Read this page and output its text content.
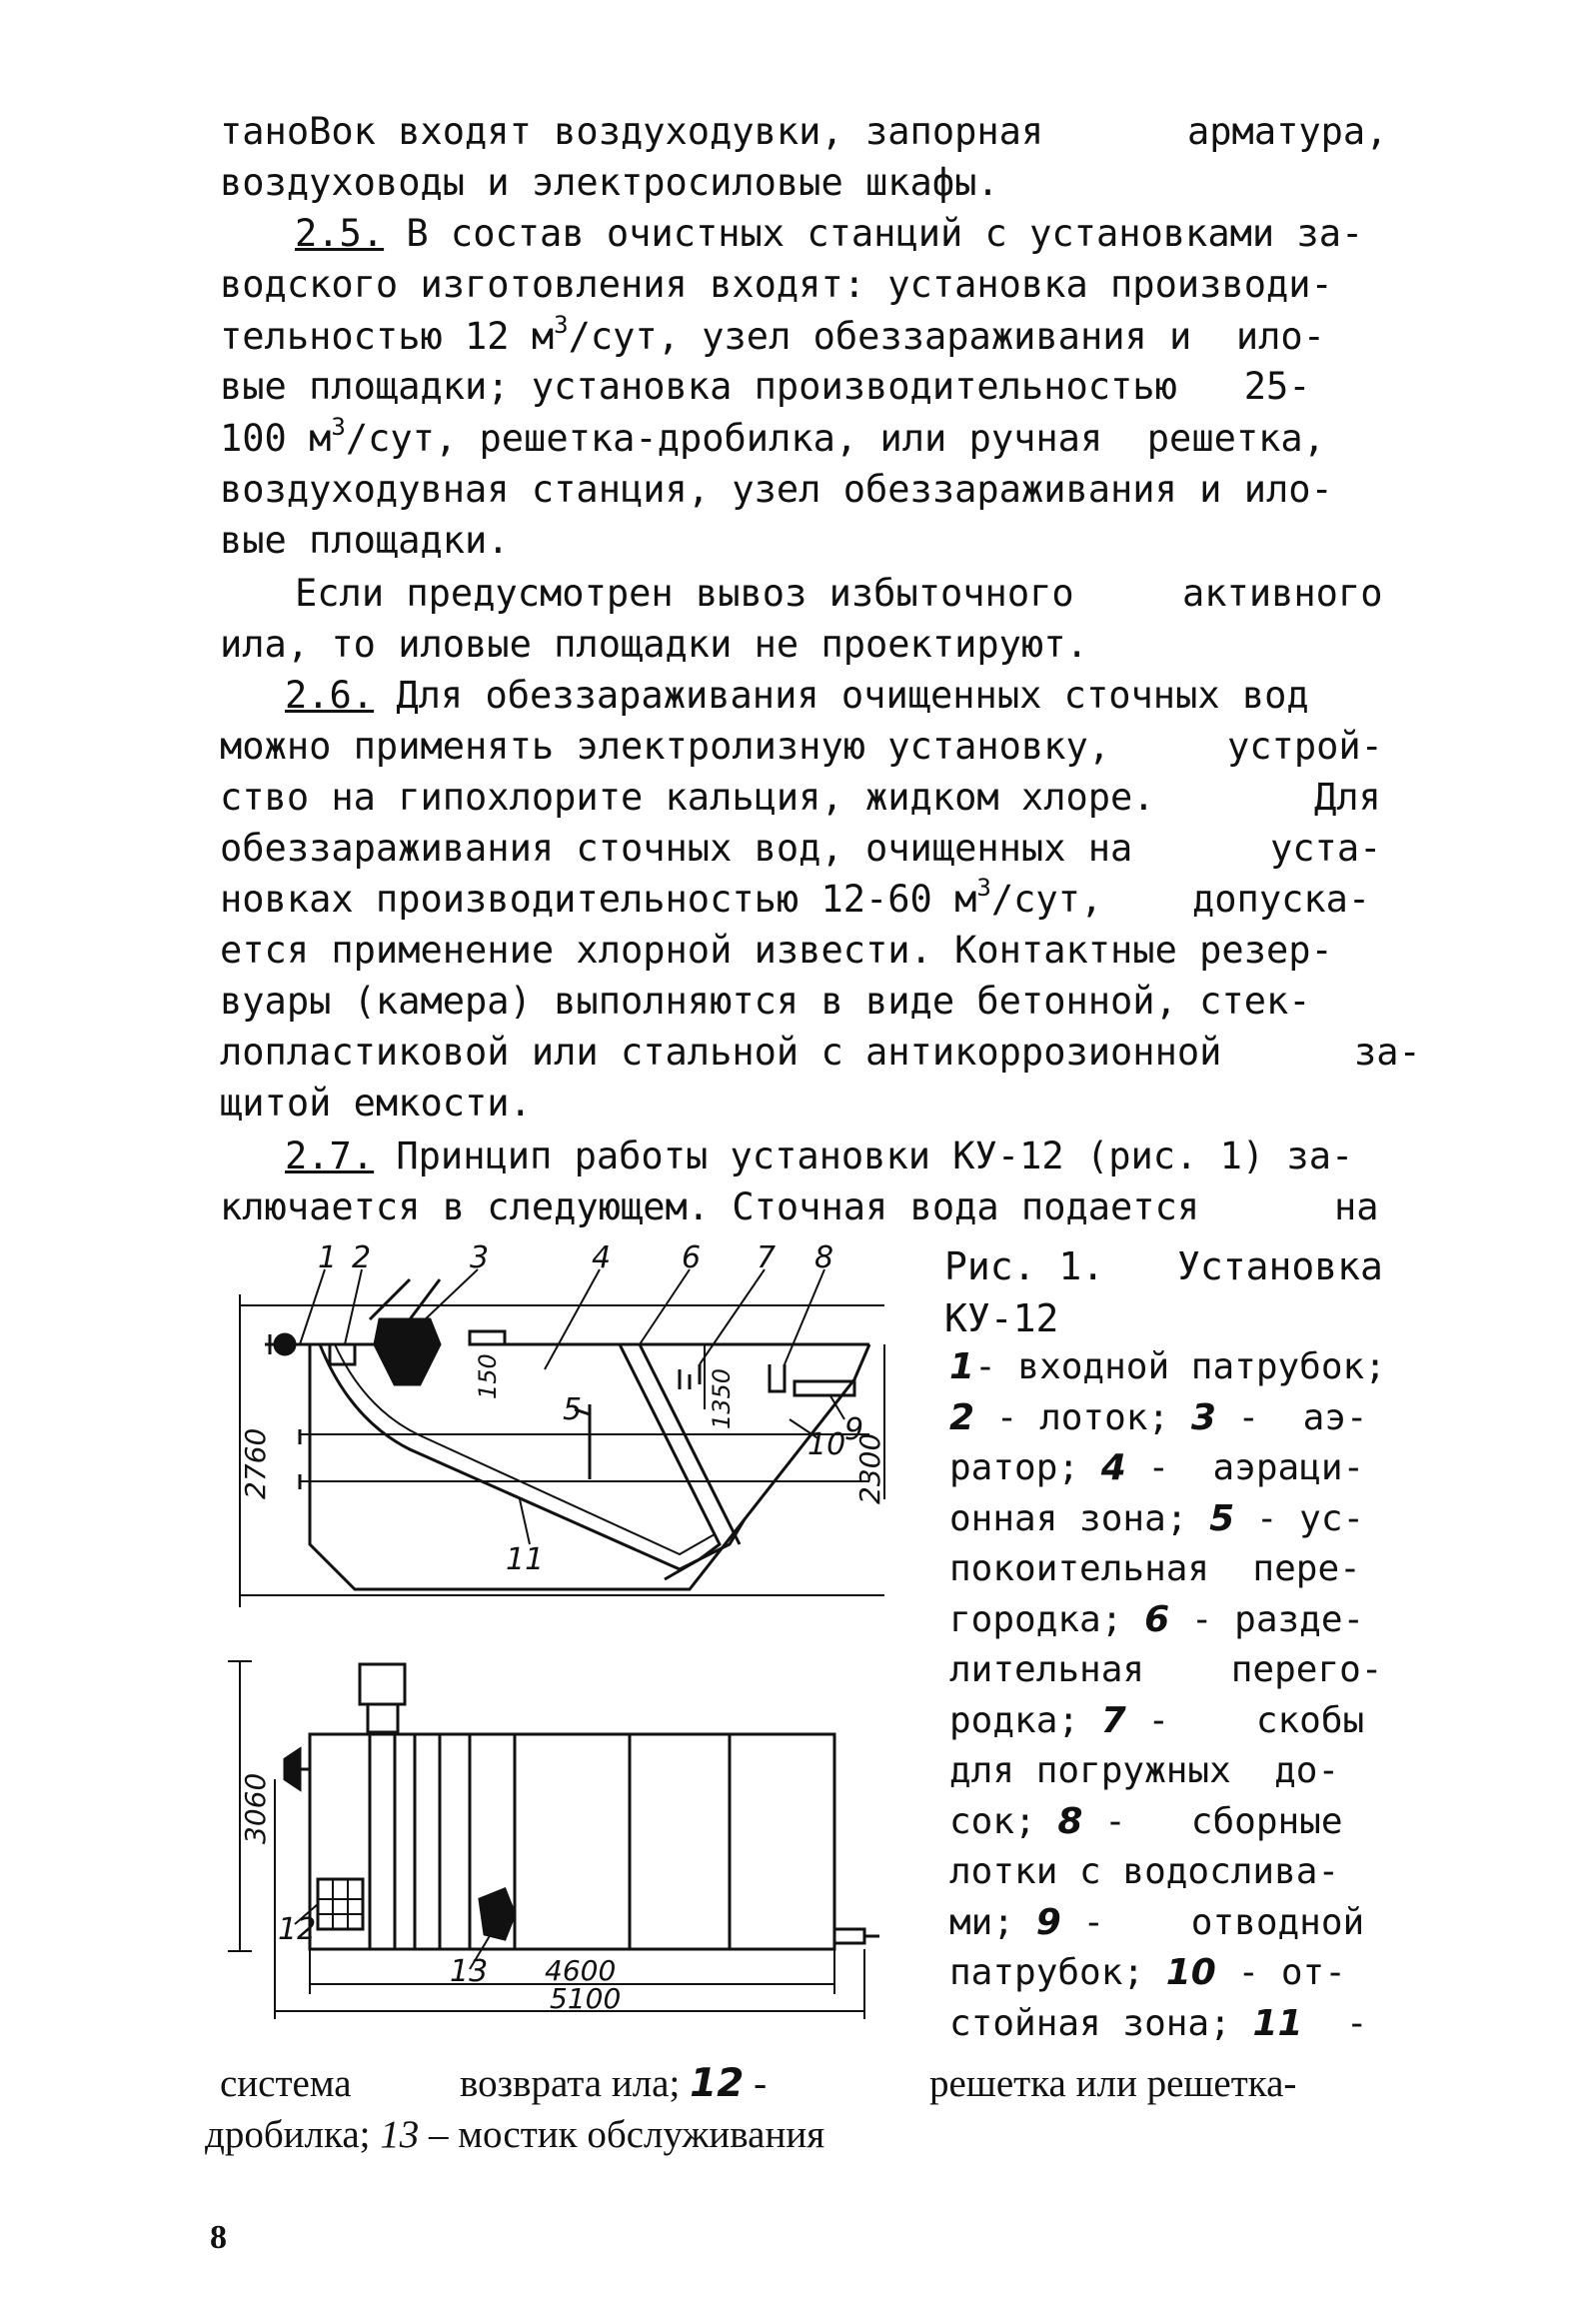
таноВок входят воздуходувки, запорная	арматура,
воздуховоды и электросиловые шкафы.
2.5. В состав очистных станций с установками за-
водского изготовления входят: установка производи-
тельностью 12 $м^3$/сут, узел обеззараживания и  ило-
вые площадки; установка производительностью   25-
100 $м^3$/сут, решетка-дробилка, или ручная  решетка,
воздуходувная станция, узел обеззараживания и ило-
вые площадки.
Если предусмотрен вывоз избыточного	активного
ила, то иловые площадки не проектируют.
2.6. Для обеззараживания очищенных сточных вод
можно применять электролизную установку,	устрой-
ство на гипохлорите кальция, жидком хлоре.	Для
обеззараживания сточных вод, очищенных на	уста-
новках производительностью 12-60 $м^3$/сут, допуска-
ется применение хлорной извести. Контактные резер-
вуары (камера) выполняются в виде бетонной, стек-
лопластиковой или стальной с антикоррозионной	за-
щитой емкости.
2.7. Принцип работы установки КУ-12 (рис. 1) за-
ключается в следующем. Сточная вода подается	на
Рис. 1. Установка
КУ-12
1- входной патрубок;
2 - лоток; 3 -  аэ-
ратор; 4 -  аэраци-
онная зона; 5 - ус-
покоительная  пере-
городка; 6 - разде-
лительная    перего-
родка; 7 -    скобы
для погружных  до-
сок; 8 -   сборные
лотки с водослива-
ми; 9 -    отводной
патрубок; 10 - от-
стойная зона; 11  -
система	возврата ила; 12 -	решетка или решетка-
дробилка; 13 – мостик обслуживания
8
1 2	3	4 6 7 8
5
9
10
11
12
13 4600
5100
2760
150	1350
2300
3060
